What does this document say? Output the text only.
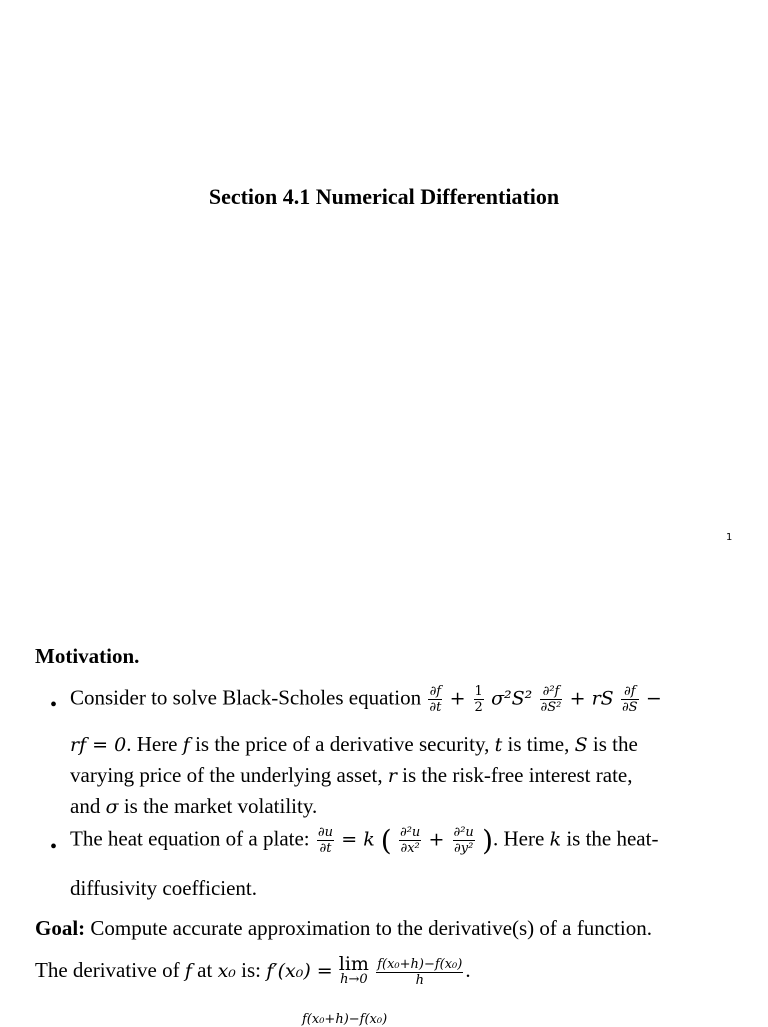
Section 4.1 Numerical Differentiation
1
Motivation.
• Consider to solve Black-Scholes equation $\frac{\partial f}{\partial t} + \frac{1}{2} \sigma^2S^2 \frac{\text{∂²f}}{\text{∂S²}}$ + rS $\frac{\partial f}{\partial S}$ −
rf = 0. Here f is the price of a derivative security, t is time, S is the
varying price of the underlying asset, r is the risk-free interest rate,
and σ is the market volatility.
• The heat equation of a plate: $\frac{\partial u}{\partial t} = k$ ( $\frac{\text{∂²u}}{\text{∂x²}} + \frac{\text{∂²u}}{\text{∂y²}}$ ). Here k is the heat-
diffusivity coefficient.
Goal: Compute accurate approximation to the derivative(s) of a function.
The derivative of f at x₀ is: f′(x₀) = lim
h→0
$\frac{\text{f(x₀+h)−f(x₀)}}{h}$ .
f(x₀+h)−f(x₀)
